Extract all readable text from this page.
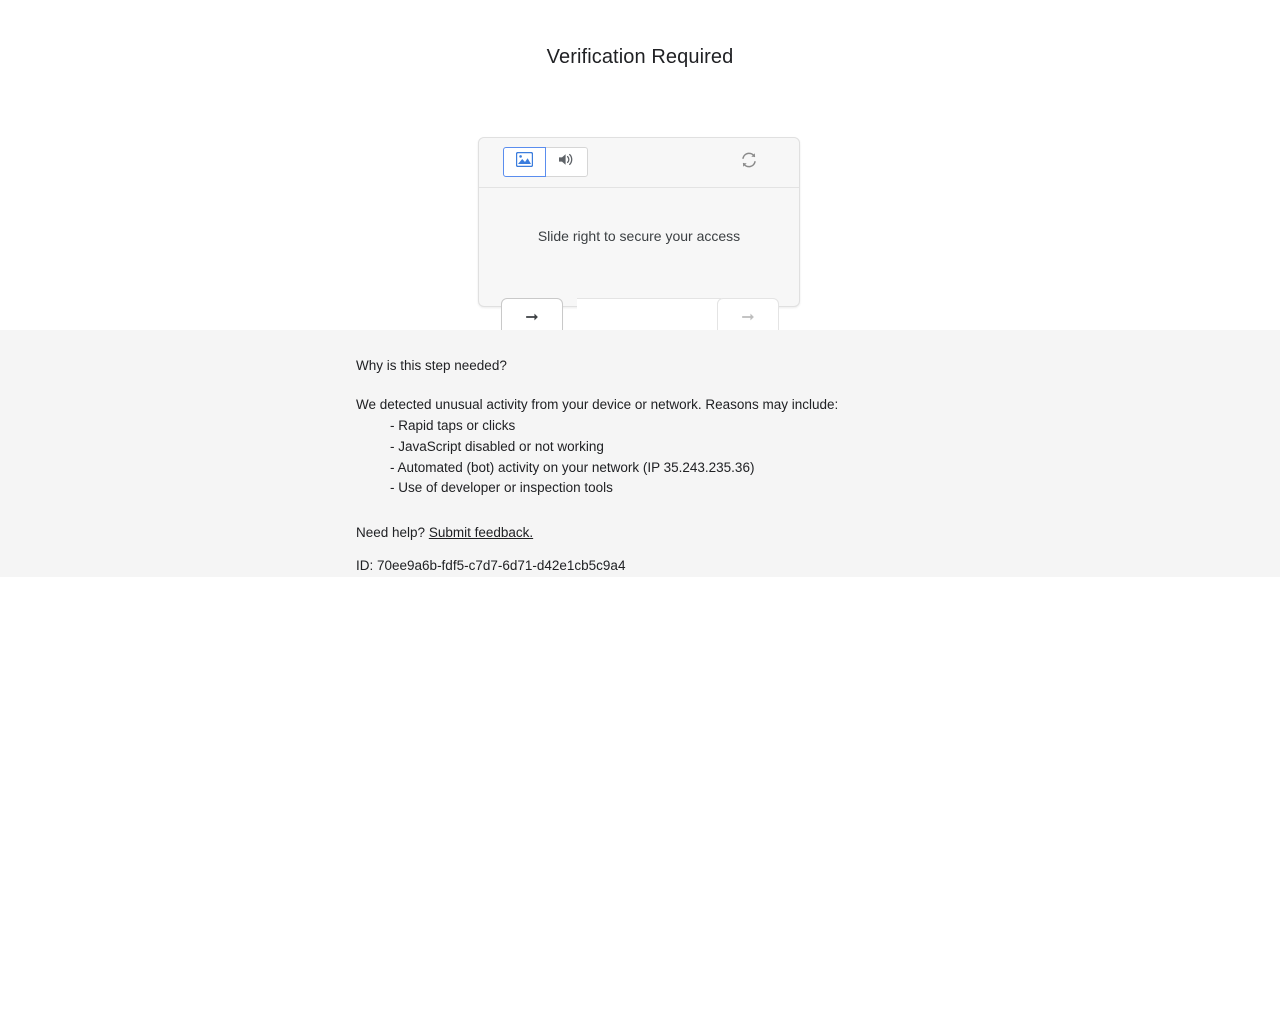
Verification Required
Slide right to secure your access
➞	➞

Why is this step needed?

We detected unusual activity from your device or network. Reasons may include:

- Rapid taps or clicks
- JavaScript disabled or not working
- Automated (bot) activity on your network (IP 35.243.235.36)
- Use of developer or inspection tools

Need help? Submit feedback.

ID: 70ee9a6b-fdf5-c7d7-6d71-d42e1cb5c9a4
